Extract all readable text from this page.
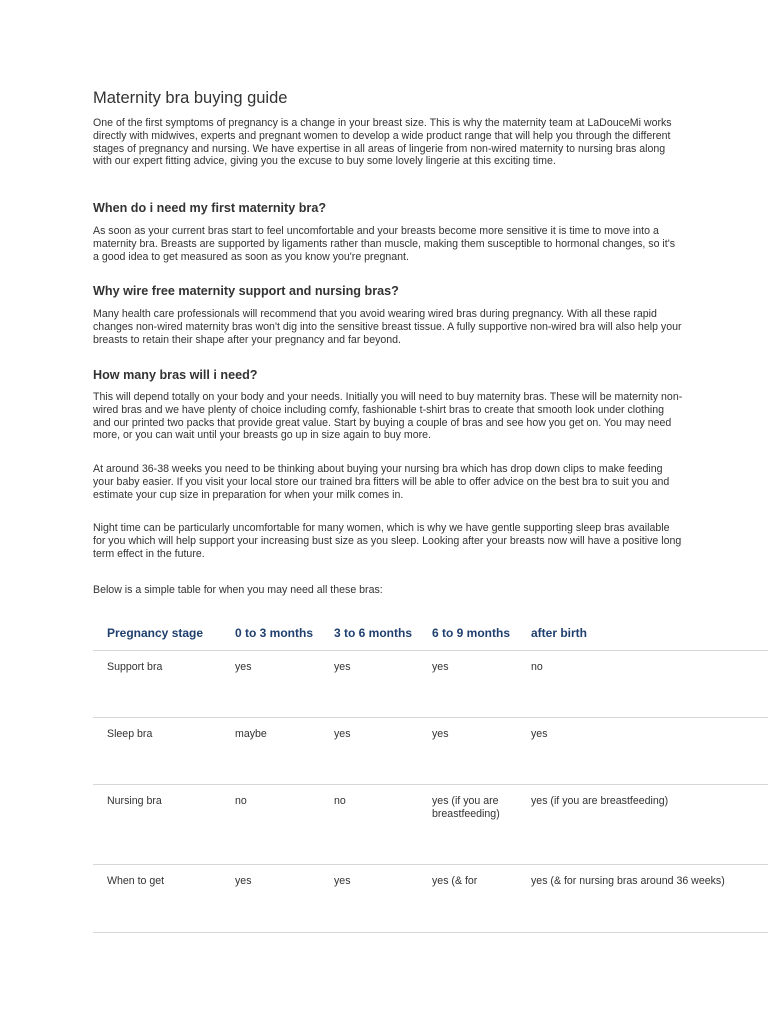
Maternity bra buying guide

One of the first symptoms of pregnancy is a change in your breast size. This is why the maternity team at LaDouceMi works directly with midwives, experts and pregnant women to develop a wide product range that will help you through the different stages of pregnancy and nursing. We have expertise in all areas of lingerie from non-wired maternity to nursing bras along with our expert fitting advice, giving you the excuse to buy some lovely lingerie at this exciting time.

When do i need my first maternity bra?

As soon as your current bras start to feel uncomfortable and your breasts become more sensitive it is time to move into a maternity bra. Breasts are supported by ligaments rather than muscle, making them susceptible to hormonal changes, so it's a good idea to get measured as soon as you know you're pregnant.

Why wire free maternity support and nursing bras?

Many health care professionals will recommend that you avoid wearing wired bras during pregnancy. With all these rapid changes non-wired maternity bras won't dig into the sensitive breast tissue. A fully supportive non-wired bra will also help your breasts to retain their shape after your pregnancy and far beyond.

How many bras will i need?

This will depend totally on your body and your needs. Initially you will need to buy maternity bras. These will be maternity non-wired bras and we have plenty of choice including comfy, fashionable t-shirt bras to create that smooth look under clothing and our printed two packs that provide great value. Start by buying a couple of bras and see how you get on. You may need more, or you can wait until your breasts go up in size again to buy more.

At around 36-38 weeks you need to be thinking about buying your nursing bra which has drop down clips to make feeding your baby easier. If you visit your local store our trained bra fitters will be able to offer advice on the best bra to suit you and estimate your cup size in preparation for when your milk comes in.

Night time can be particularly uncomfortable for many women, which is why we have gentle supporting sleep bras available for you which will help support your increasing bust size as you sleep. Looking after your breasts now will have a positive long term effect in the future.

Below is a simple table for when you may need all these bras:

Pregnancy stage	0 to 3 months	3 to 6 months	6 to 9 months	after birth
Support bra	yes	yes	yes	no
Sleep bra	maybe	yes	yes	yes
Nursing bra	no	no	yes (if you are breastfeeding)	yes (if you are breastfeeding)
When to get	yes	yes	yes (& for	yes (& for nursing bras around 36 weeks)
